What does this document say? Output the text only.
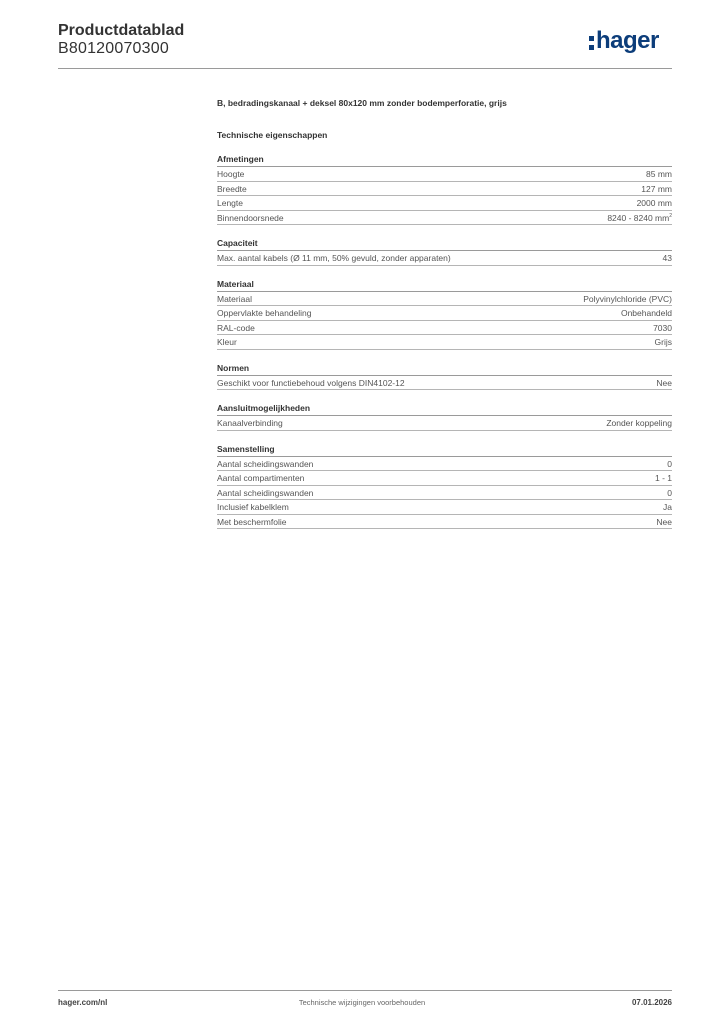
Productdatablad
B80120070300	hager
B, bedradingskanaal + deksel 80x120 mm zonder bodemperforatie, grijs
Technische eigenschappen
Afmetingen
Hoogte	85 mm
Breedte	127 mm
Lengte	2000 mm
Binnendoorsnede	8240 - 8240 $mm^2$
Capaciteit
Max. aantal kabels (Ø 11 mm, 50% gevuld, zonder apparaten)	43
Materiaal
Materiaal	Polyvinylchloride (PVC)
Oppervlakte behandeling	Onbehandeld
RAL-code	7030
Kleur	Grijs
Normen
Geschikt voor functiebehoud volgens DIN4102-12	Nee
Aansluitmogelijkheden
Kanaalverbinding	Zonder koppeling
Samenstelling
Aantal scheidingswanden	0
Aantal compartimenten	1 - 1
Aantal scheidingswanden	0
Inclusief kabelklem	Ja
Met beschermfolie	Nee
hager.com/nl	Technische wijzigingen voorbehouden	07.01.2026
